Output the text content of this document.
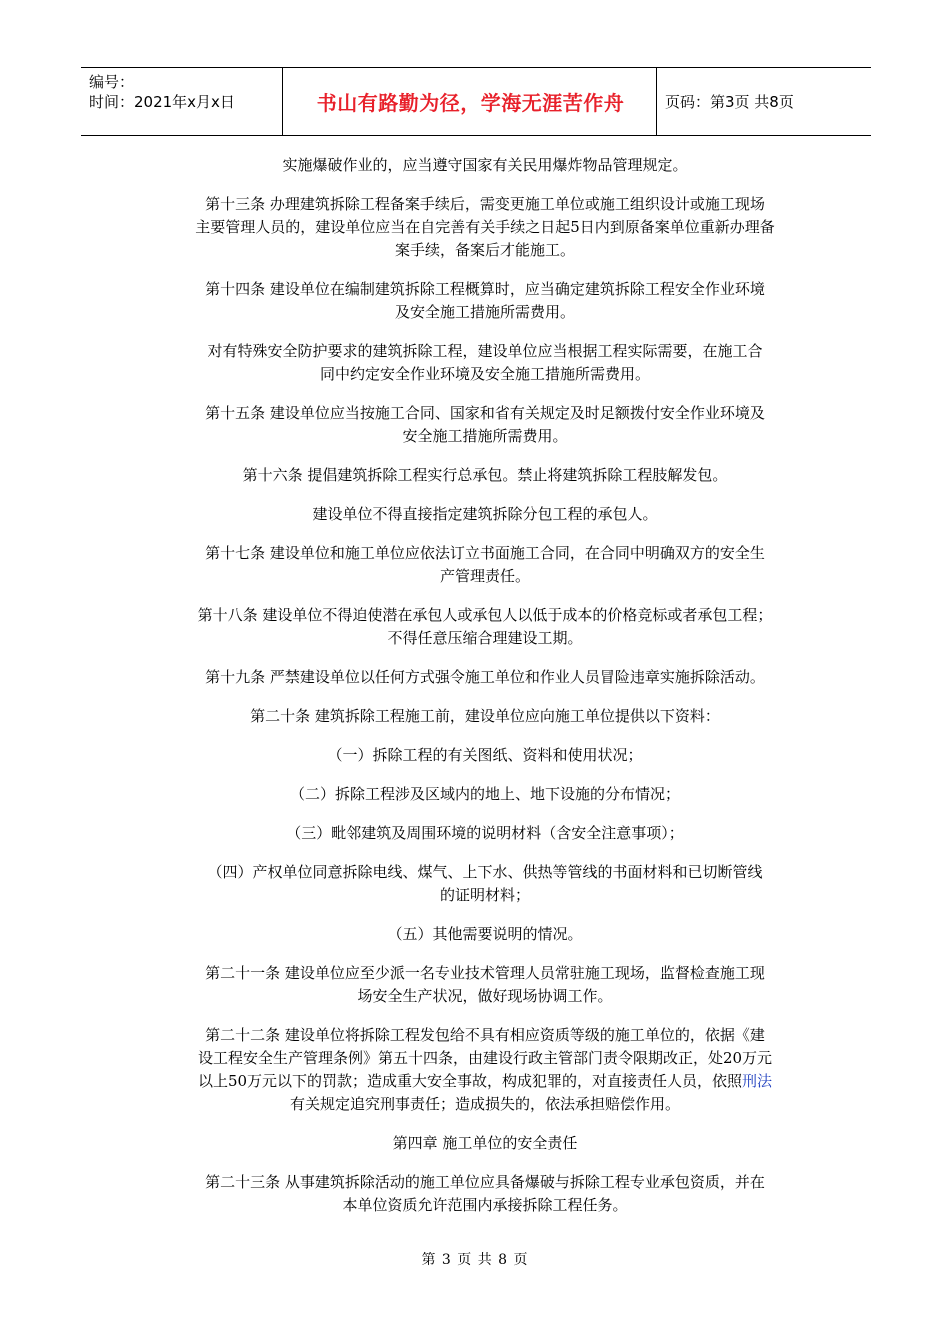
编号：
时间：2021年x月x日	书山有路勤为径，学海无涯苦作舟	页码：第3页 共8页
实施爆破作业的，应当遵守国家有关民用爆炸物品管理规定。
第十三条 办理建筑拆除工程备案手续后，需变更施工单位或施工组织设计或施工现场
主要管理人员的，建设单位应当在自完善有关手续之日起5日内到原备案单位重新办理备
案手续，备案后才能施工。
第十四条 建设单位在编制建筑拆除工程概算时，应当确定建筑拆除工程安全作业环境
及安全施工措施所需费用。
对有特殊安全防护要求的建筑拆除工程，建设单位应当根据工程实际需要，在施工合
同中约定安全作业环境及安全施工措施所需费用。
第十五条 建设单位应当按施工合同、国家和省有关规定及时足额拨付安全作业环境及
安全施工措施所需费用。
第十六条 提倡建筑拆除工程实行总承包。禁止将建筑拆除工程肢解发包。
建设单位不得直接指定建筑拆除分包工程的承包人。
第十七条 建设单位和施工单位应依法订立书面施工合同，在合同中明确双方的安全生
产管理责任。
第十八条 建设单位不得迫使潜在承包人或承包人以低于成本的价格竞标或者承包工程；
不得任意压缩合理建设工期。
第十九条 严禁建设单位以任何方式强令施工单位和作业人员冒险违章实施拆除活动。
第二十条 建筑拆除工程施工前，建设单位应向施工单位提供以下资料：
（一）拆除工程的有关图纸、资料和使用状况；
（二）拆除工程涉及区域内的地上、地下设施的分布情况；
（三）毗邻建筑及周围环境的说明材料（含安全注意事项）；
（四）产权单位同意拆除电线、煤气、上下水、供热等管线的书面材料和已切断管线
的证明材料；
（五）其他需要说明的情况。
第二十一条 建设单位应至少派一名专业技术管理人员常驻施工现场，监督检查施工现
场安全生产状况，做好现场协调工作。
第二十二条 建设单位将拆除工程发包给不具有相应资质等级的施工单位的，依据《建
设工程安全生产管理条例》第五十四条，由建设行政主管部门责令限期改正，处20万元
以上50万元以下的罚款；造成重大安全事故，构成犯罪的，对直接责任人员，依照刑法
有关规定追究刑事责任；造成损失的，依法承担赔偿作用。
第四章 施工单位的安全责任
第二十三条 从事建筑拆除活动的施工单位应具备爆破与拆除工程专业承包资质，并在
本单位资质允许范围内承接拆除工程任务。
第 3 页 共 8 页
